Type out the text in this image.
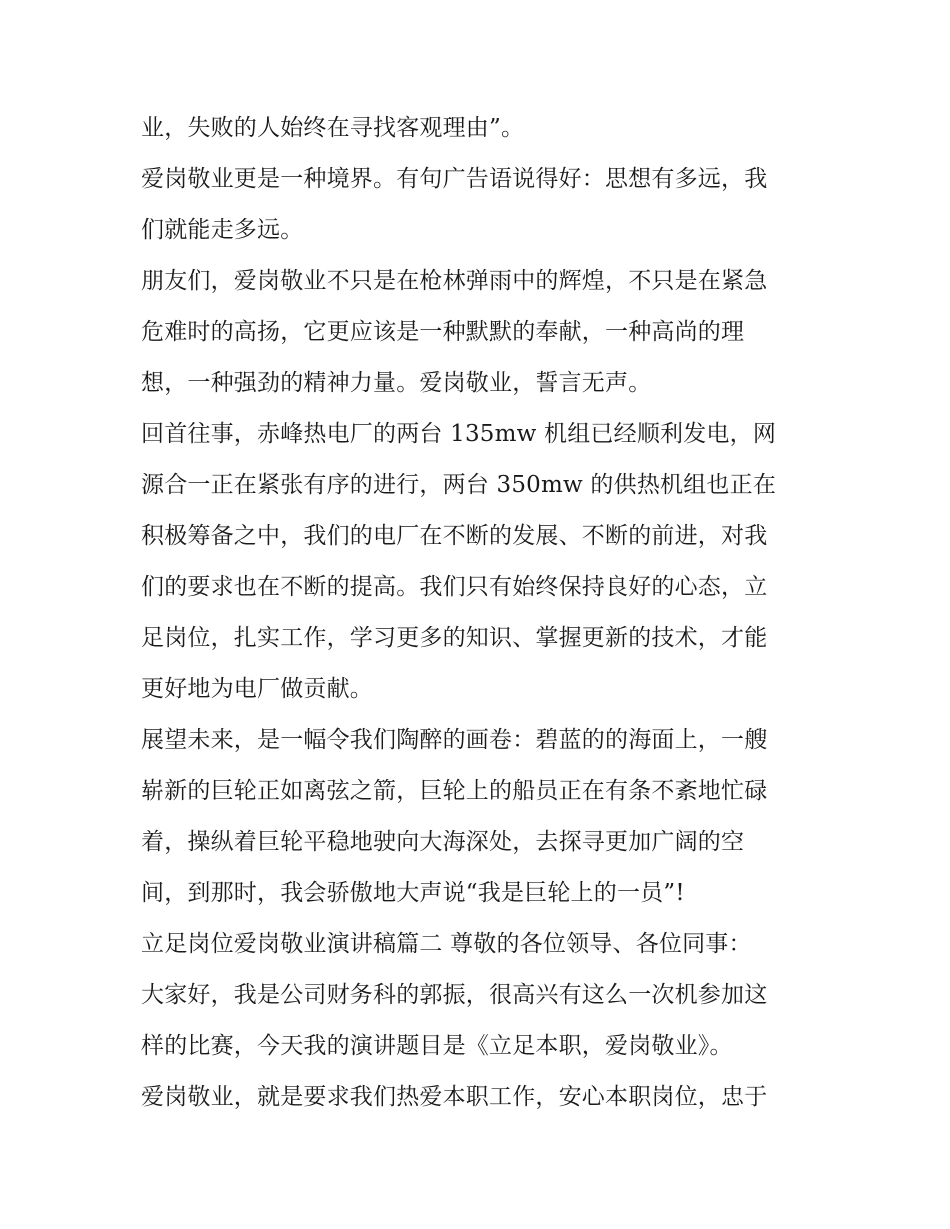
业，失败的人始终在寻找客观理由”。
爱岗敬业更是一种境界。有句广告语说得好：思想有多远，我
们就能走多远。
朋友们，爱岗敬业不只是在枪林弹雨中的辉煌，不只是在紧急
危难时的高扬，它更应该是一种默默的奉献，一种高尚的理
想，一种强劲的精神力量。爱岗敬业，誓言无声。
回首往事，赤峰热电厂的两台 135mw 机组已经顺利发电，网
源合一正在紧张有序的进行，两台 350mw 的供热机组也正在
积极筹备之中，我们的电厂在不断的发展、不断的前进，对我
们的要求也在不断的提高。我们只有始终保持良好的心态，立
足岗位，扎实工作，学习更多的知识、掌握更新的技术，才能
更好地为电厂做贡献。
展望未来，是一幅令我们陶醉的画卷：碧蓝的的海面上，一艘
崭新的巨轮正如离弦之箭，巨轮上的船员正在有条不紊地忙碌
着，操纵着巨轮平稳地驶向大海深处，去探寻更加广阔的空
间，到那时，我会骄傲地大声说“我是巨轮上的一员”!
立足岗位爱岗敬业演讲稿篇二 尊敬的各位领导、各位同事：
大家好，我是公司财务科的郭振，很高兴有这么一次机参加这
样的比赛，今天我的演讲题目是《立足本职，爱岗敬业》。
爱岗敬业，就是要求我们热爱本职工作，安心本职岗位，忠于
